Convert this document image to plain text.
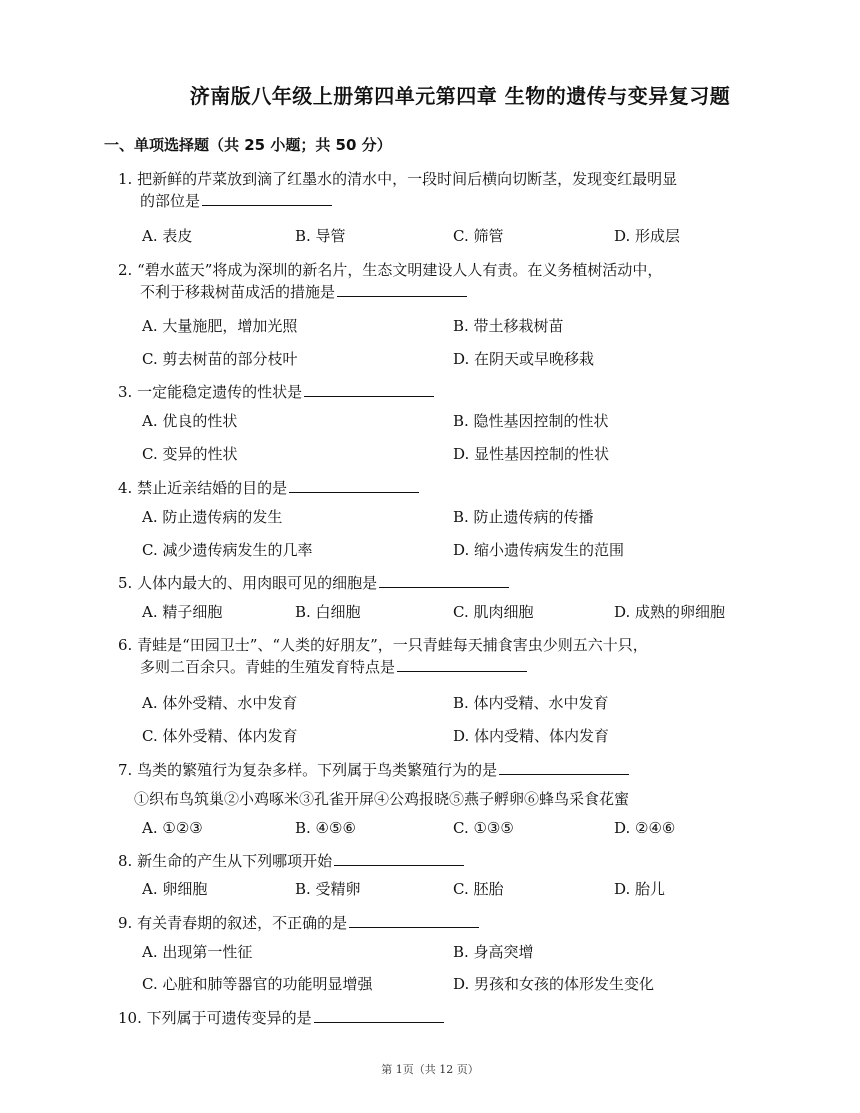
济南版八年级上册第四单元第四章 生物的遗传与变异复习题
一、单项选择题（共 25 小题；共 50 分）
1. 把新鲜的芹菜放到滴了红墨水的清水中，一段时间后横向切断茎，发现变红最明显
的部位是
A. 表皮	B. 导管	C. 筛管	D. 形成层
2. “碧水蓝天”将成为深圳的新名片，生态文明建设人人有责。在义务植树活动中，
不利于移栽树苗成活的措施是
A. 大量施肥，增加光照	B. 带土移栽树苗
C. 剪去树苗的部分枝叶	D. 在阴天或早晚移栽
3. 一定能稳定遗传的性状是
A. 优良的性状	B. 隐性基因控制的性状
C. 变异的性状	D. 显性基因控制的性状
4. 禁止近亲结婚的目的是
A. 防止遗传病的发生	B. 防止遗传病的传播
C. 减少遗传病发生的几率	D. 缩小遗传病发生的范围
5. 人体内最大的、用肉眼可见的细胞是
A. 精子细胞	B. 白细胞	C. 肌肉细胞	D. 成熟的卵细胞
6. 青蛙是“田园卫士”、“人类的好朋友”，一只青蛙每天捕食害虫少则五六十只，
多则二百余只。青蛙的生殖发育特点是
A. 体外受精、水中发育	B. 体内受精、水中发育
C. 体外受精、体内发育	D. 体内受精、体内发育
7. 鸟类的繁殖行为复杂多样。下列属于鸟类繁殖行为的是
①织布鸟筑巢②小鸡啄米③孔雀开屏④公鸡报晓⑤燕子孵卵⑥蜂鸟采食花蜜
A. ①②③	B. ④⑤⑥	C. ①③⑤	D. ②④⑥
8. 新生命的产生从下列哪项开始
A. 卵细胞	B. 受精卵	C. 胚胎	D. 胎儿
9. 有关青春期的叙述，不正确的是
A. 出现第一性征	B. 身高突增
C. 心脏和肺等器官的功能明显增强	D. 男孩和女孩的体形发生变化
10. 下列属于可遗传变异的是
第 1页（共 12 页）
